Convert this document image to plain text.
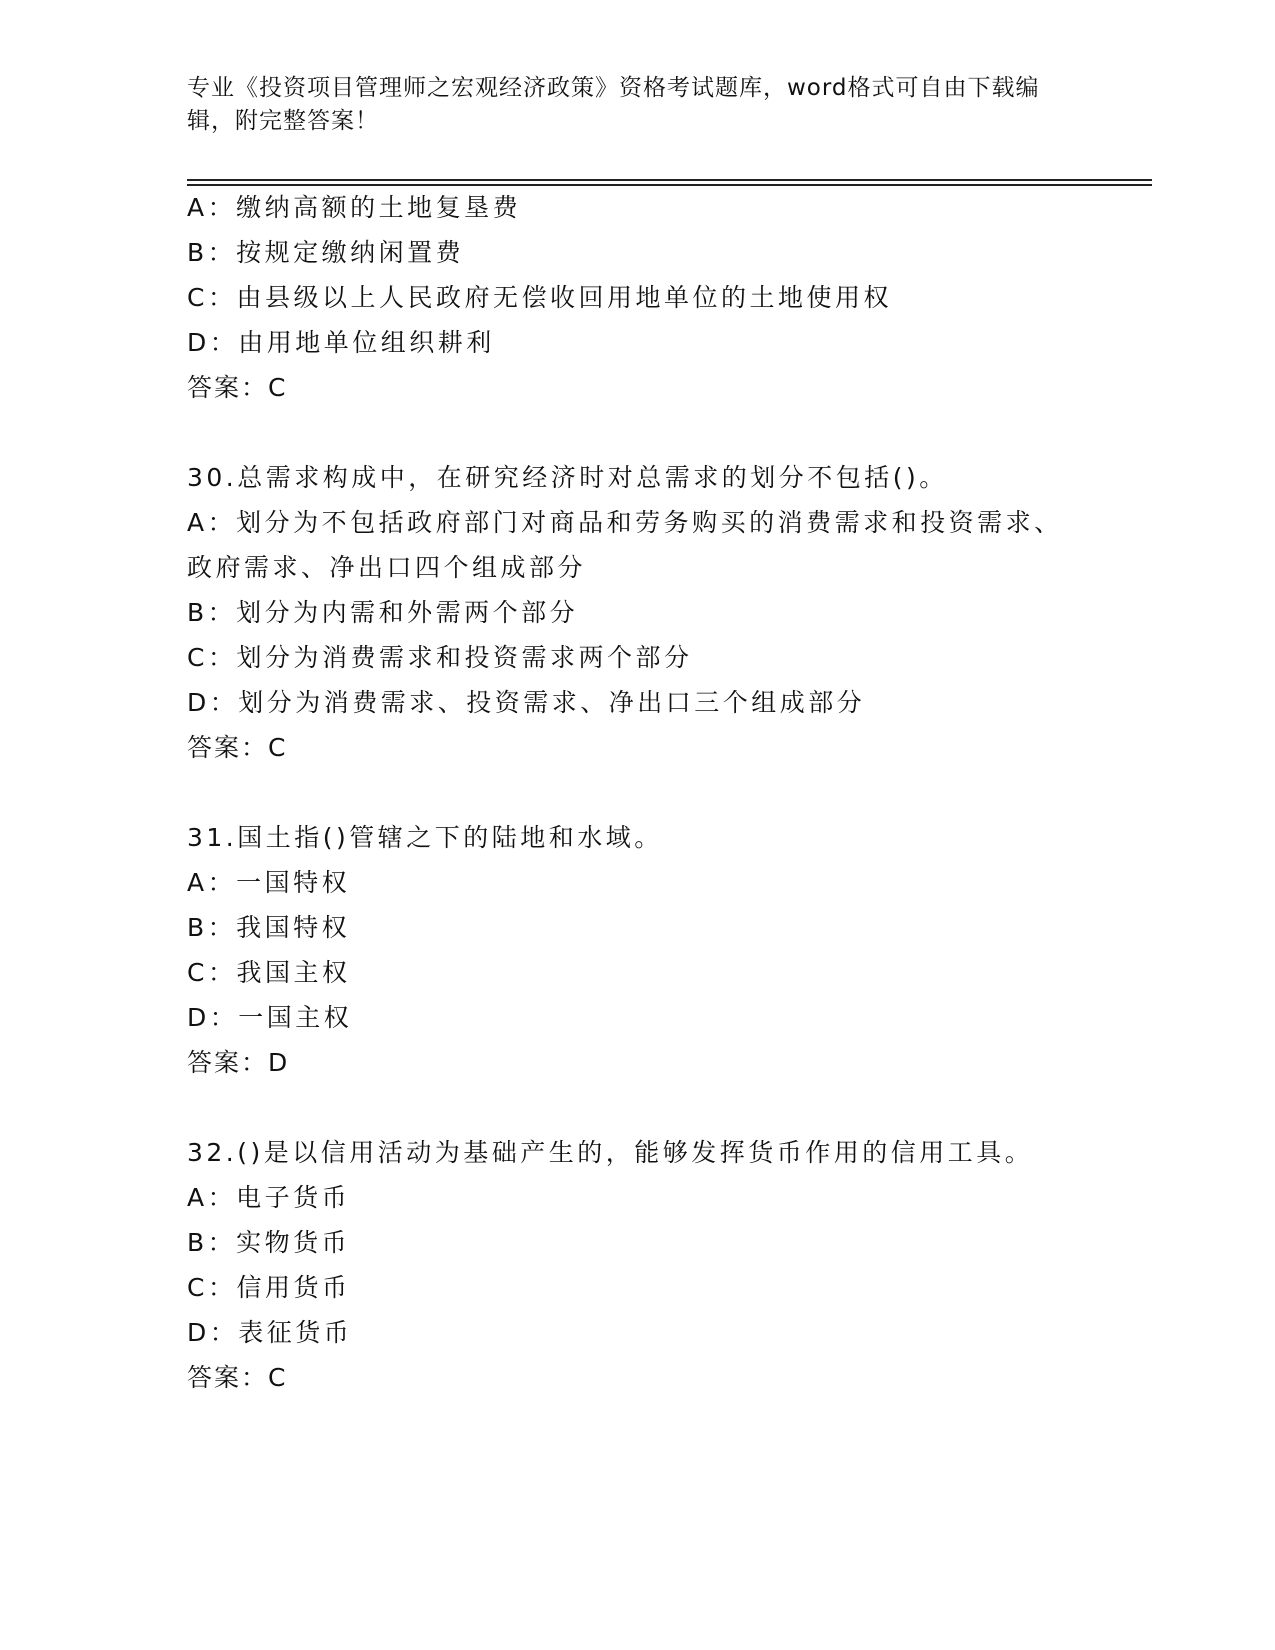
专业《投资项目管理师之宏观经济政策》资格考试题库，word格式可自由下载编
辑，附完整答案！
A：缴纳高额的土地复垦费
B：按规定缴纳闲置费
C：由县级以上人民政府无偿收回用地单位的土地使用权
D：由用地单位组织耕利
答案：C
30.总需求构成中，在研究经济时对总需求的划分不包括()。
A：划分为不包括政府部门对商品和劳务购买的消费需求和投资需求、
政府需求、净出口四个组成部分
B：划分为内需和外需两个部分
C：划分为消费需求和投资需求两个部分
D：划分为消费需求、投资需求、净出口三个组成部分
答案：C
31.国土指()管辖之下的陆地和水域。
A：一国特权
B：我国特权
C：我国主权
D：一国主权
答案：D
32.()是以信用活动为基础产生的，能够发挥货币作用的信用工具。
A：电子货币
B：实物货币
C：信用货币
D：表征货币
答案：C
